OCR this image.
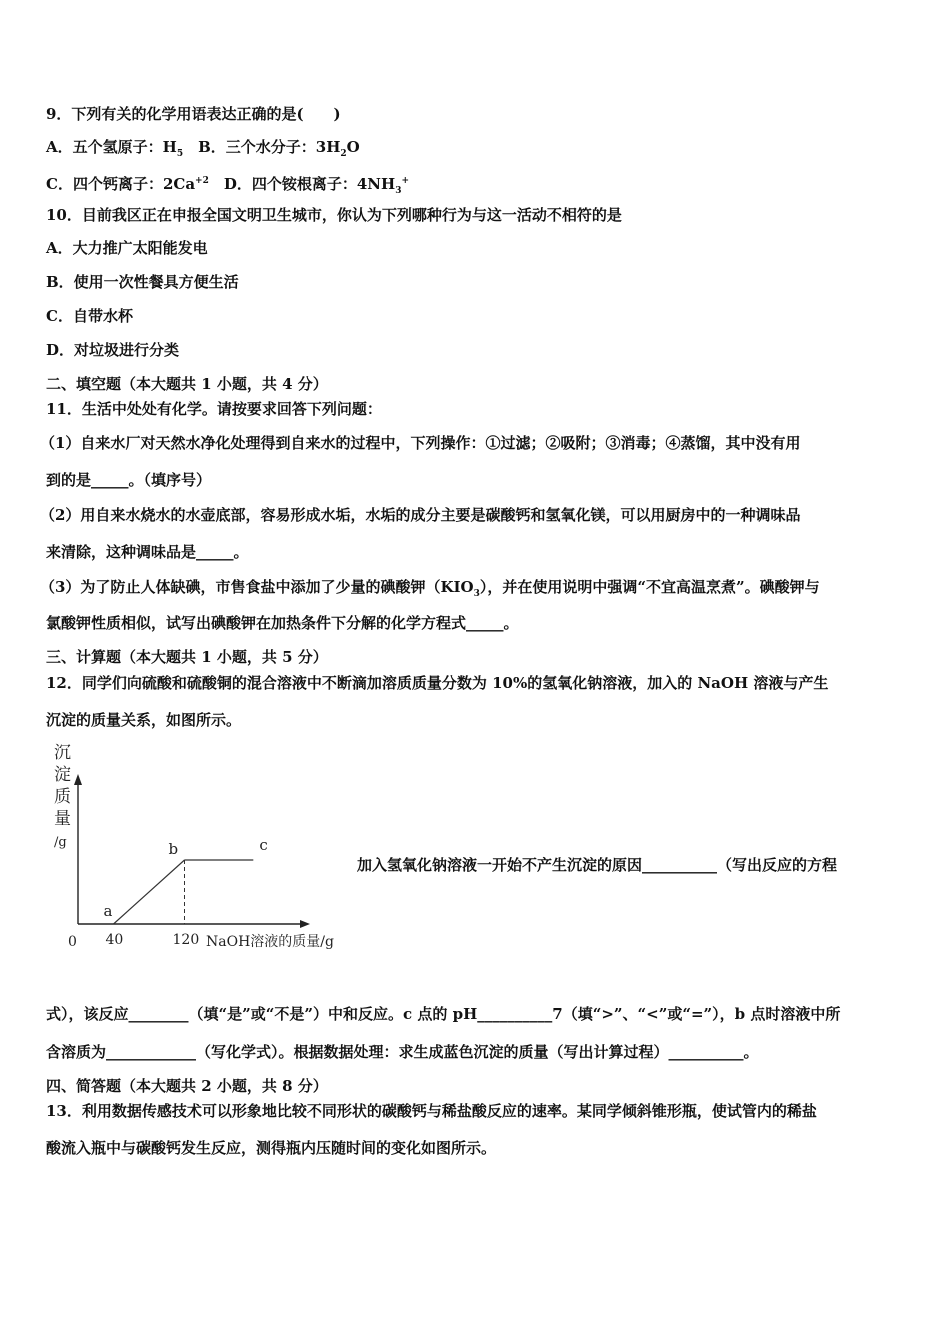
9．下列有关的化学用语表达正确的是(　　)
A．五个氢原子：$H_5$　B．三个水分子：$3H_2O$
C．四个钙离子：$2Ca^{+2}$　D．四个铵根离子：$4NH_3^+$
10．目前我区正在申报全国文明卫生城市，你认为下列哪种行为与这一活动不相符的是
A．大力推广太阳能发电
B．使用一次性餐具方便生活
C．自带水杯
D．对垃圾进行分类
二、填空题（本大题共 1 小题，共 4 分）
11．生活中处处有化学。请按要求回答下列问题：
（1）自来水厂对天然水净化处理得到自来水的过程中，下列操作：①过滤；②吸附；③消毒；④蒸馏，其中没有用
到的是_____。（填序号）
（2）用自来水烧水的水壶底部，容易形成水垢，水垢的成分主要是碳酸钙和氢氧化镁，可以用厨房中的一种调味品
来清除，这种调味品是_____。
（3）为了防止人体缺碘，市售食盐中添加了少量的碘酸钾$(KIO_3)$，并在使用说明中强调“不宜高温烹煮”。碘酸钾与
氯酸钾性质相似，试写出碘酸钾在加热条件下分解的化学方程式_____。
三、计算题（本大题共 1 小题，共 5 分）
12．同学们向硫酸和硫酸铜的混合溶液中不断滴加溶质质量分数为 10%的氢氧化钠溶液，加入的 NaOH 溶液与产生
沉淀的质量关系，如图所示。
沉
淀
质
量
/g
a
b	c
0 40	120 NaOH溶液的质量/g
加入氢氧化钠溶液一开始不产生沉淀的原因__________（写出反应的方程
式），该反应________（填“是”或“不是”）中和反应。c 点的 pH__________7（填“>”、“<”或“=”），b 点时溶液中所
含溶质为____________（写化学式）。根据数据处理：求生成蓝色沉淀的质量（写出计算过程）__________。
四、简答题（本大题共 2 小题，共 8 分）
13．利用数据传感技术可以形象地比较不同形状的碳酸钙与稀盐酸反应的速率。某同学倾斜锥形瓶，使试管内的稀盐
酸流入瓶中与碳酸钙发生反应，测得瓶内压随时间的变化如图所示。
